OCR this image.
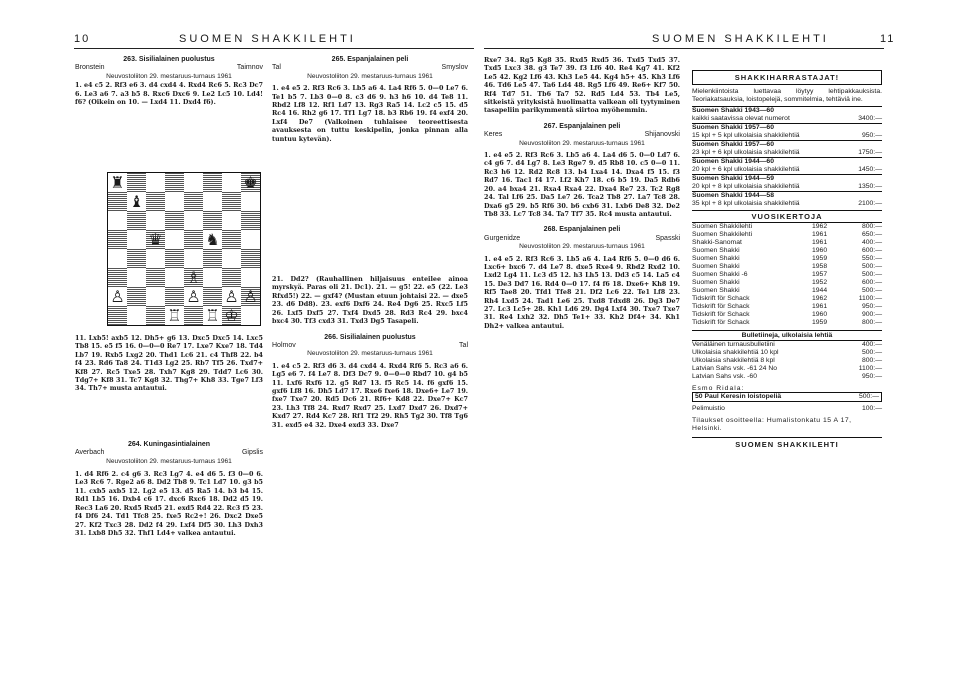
10	SUOMEN SHAKKILEHTI	SUOMEN SHAKKILEHTI	11
263. Sisilialainen puolustus
Bronstein	Taimnov
Neuvostoliiton 29. mestaruus-turnaus 1961

1. e4 c5 2. Rf3 e6 3. d4 cxd4 4. Rxd4 Rc6 5. Rc3 Dc7 6. Le3 a6 7. a3 b5 8. Rxc6 Dxc6 9. Le2 Lc5 10. Ld4! f6? (Oikein on 10. — Lxd4 11. Dxd4 f6).

♜	♚
♝
♛	♞
♗
♙	♙ ♙ ♙
♖ ♖ ♔

11. Lxb5! axb5 12. Dh5+ g6 13. Dxc5 Dxc5 14. Lxc5 Tb8 15. e5 f5 16. 0—0—0 Re7 17. Lxe7 Kxe7 18. Td4 Lb7 19. Rxb5 Lxg2 20. Thd1 Lc6 21. c4 Thf8 22. b4 f4 23. Rd6 Ta8 24. T1d3 Lg2 25. Rb7 Tf5 26. Txd7+ Kf8 27. Rc5 Txe5 28. Txh7 Kg8 29. Tdd7 Lc6 30. Tdg7+ Kf8 31. Tc7 Kg8 32. Thg7+ Kh8 33. Tge7 Lf3 34. Th7+ musta antautui.

264. Kuningasintialainen
Averbach	Gipslis
Neuvostoliiton 29. mestaruus-turnaus 1961

1. d4 Rf6 2. c4 g6 3. Rc3 Lg7 4. e4 d6 5. f3 0—0 6. Le3 Rc6 7. Rge2 a6 8. Dd2 Tb8 9. Tc1 Ld7 10. g3 b5 11. cxb5 axb5 12. Lg2 e5 13. d5 Ra5 14. b3 b4 15. Rd1 Lb5 16. Dxb4 c6 17. dxc6 Rxc6 18. Dd2 d5 19. Rec3 La6 20. Rxd5 Rxd5 21. exd5 Rd4 22. Rc3 f5 23. f4 Df6 24. Td1 Tfc8 25. fxe5 Rc2+! 26. Dxc2 Dxe5 27. Kf2 Txc3 28. Dd2 f4 29. Lxf4 Df5 30. Lh3 Dxh3 31. Lxb8 Dh5 32. Thf1 Ld4+ valkea antautui.

265. Espanjalainen peli
Tal	Smyslov
Neuvostoliiton 29. mestaruus-turnaus 1961

1. e4 e5 2. Rf3 Rc6 3. Lb5 a6 4. La4 Rf6 5. 0—0 Le7 6. Te1 b5 7. Lb3 0—0 8. c3 d6 9. h3 h6 10. d4 Te8 11. Rbd2 Lf8 12. Rf1 Ld7 13. Rg3 Ra5 14. Lc2 c5 15. d5 Rc4 16. Rh2 g6 17. Tf1 Lg7 18. b3 Rb6 19. f4 exf4 20. Lxf4 De7 (Valkoinen tuhlaisee teoreettisesta avauksesta on tuttu keskipelin, jonka pinnan alla tuntuu kytevän).

21. Dd2? (Rauhallinen hiljaisuus enteilee ainoa myrskyä. Paras oli 21. Dc1). 21. — g5! 22. e5 (22. Le3 Rfxd5!) 22. — gxf4? (Mustan etuun johtaisi 22. — dxe5 23. d6 Dd8). 23. exf6 Dxf6 24. Re4 Dg6 25. Rxc5 Lf5 26. Lxf5 Dxf5 27. Txf4 Dxd5 28. Rd3 Rc4 29. bxc4 bxc4 30. Tf3 cxd3 31. Txd3 Dg5 Tasapeli.

266. Sisilialainen puolustus
Holmov	Tal
Neuvostoliiton 29. mestaruus-turnaus 1961

1. e4 c5 2. Rf3 d6 3. d4 cxd4 4. Rxd4 Rf6 5. Rc3 a6 6. Lg5 e6 7. f4 Le7 8. Df3 Dc7 9. 0—0—0 Rbd7 10. g4 b5 11. Lxf6 Rxf6 12. g5 Rd7 13. f5 Rc5 14. f6 gxf6 15. gxf6 Lf8 16. Dh5 Ld7 17. Rxe6 fxe6 18. Dxe6+ Le7 19. fxe7 Txe7 20. Rd5 Dc6 21. Rf6+ Kd8 22. Dxe7+ Kc7 23. Lh3 Tf8 24. Rxd7 Rxd7 25. Lxd7 Dxd7 26. Dxd7+ Kxd7 27. Rd4 Kc7 28. Rf1 Tf2 29. Rh5 Tg2 30. Tf8 Tg6 31. exd5 e4 32. Dxe4 exd3 33. Dxe7

Rxe7 34. Rg5 Kg8 35. Rxd5 Rxd5 36. Txd5 Txd5 37. Txd5 Lxc3 38. g3 Te7 39. f3 Lf6 40. Re4 Kg7 41. Kf2 Le5 42. Kg2 Lf6 43. Kh3 Le5 44. Kg4 h5+ 45. Kh3 Lf6 46. Td6 Le5 47. Ta6 Ld4 48. Rg5 Lf6 49. Re6+ Kf7 50. Rf4 Td7 51. Tb6 Ta7 52. Rd5 Ld4 53. Tb4 Le5, sitkeistä yrityksistä huolimatta valkean oli tyytyminen tasapeliin parikymmentä siirtoa myöhemmin.

267. Espanjalainen peli
Keres	Shijanovski
Neuvostoliiton 29. mestaruus-turnaus 1961

1. e4 e5 2. Rf3 Rc6 3. Lb5 a6 4. La4 d6 5. 0—0 Ld7 6. c4 g6 7. d4 Lg7 8. Le3 Rge7 9. d5 Rb8 10. c5 0—0 11. Rc3 h6 12. Rd2 Rc8 13. b4 Lxa4 14. Dxa4 f5 15. f3 Rd7 16. Tac1 f4 17. Lf2 Kh7 18. c6 b5 19. Da5 Rdb6 20. a4 bxa4 21. Rxa4 Rxa4 22. Dxa4 Re7 23. Tc2 Rg8 24. Tal Lf6 25. Da5 Le7 26. Tca2 Tb8 27. La7 Tc8 28. Dxa6 g5 29. b5 Rf6 30. b6 cxb6 31. Lxb6 De8 32. De2 Tb8 33. Lc7 Tc8 34. Ta7 Tf7 35. Rc4 musta antautui.

268. Espanjalainen peli
Gurgenidze	Spasski
Neuvostoliiton 29. mestaruus-turnaus 1961

1. e4 e5 2. Rf3 Rc6 3. Lb5 a6 4. La4 Rf6 5. 0—0 d6 6. Lxc6+ bxc6 7. d4 Le7 8. dxe5 Rxe4 9. Rbd2 Rxd2 10. Lxd2 Lg4 11. Lc3 d5 12. h3 Lh5 13. Dd3 c5 14. La5 c4 15. De3 Dd7 16. Rd4 0—0 17. f4 f6 18. Dxe6+ Kh8 19. Rf5 Tae8 20. Tfd1 Tfe8 21. Df2 Lc6 22. Te1 Lf8 23. Rh4 Lxd5 24. Tad1 Le6 25. Txd8 Tdxd8 26. Dg3 De7 27. Lc3 Lc5+ 28. Kh1 Ld6 29. Dg4 Lxf4 30. Txe7 Txe7 31. Re4 Lxh2 32. Dh5 Te1+ 33. Kh2 Df4+ 34. Kh1 Dh2+ valkea antautui.

SHAKKIHARRASTAJAT!
Mielenkiintoista luettavaa löytyy lehtipakkauksista. Teoriakatsauksia, loistopelejä, sommitelmia, tehtäviä ine.
Suomen Shakki 1943—60
kaikki saatavissa olevat numerot	3400:—
Suomen Shakki 1957—60
15 kpl + 5 kpl ulkolaisia shakkilehtiä	950:—
Suomen Shakki 1957—60
23 kpl + 6 kpl ulkolaisia shakkilehtiä	1750:—
Suomen Shakki 1944—60
20 kpl + 6 kpl ulkolaisia shakkilehtiä	1450:—
Suomen Shakki 1944—59
20 kpl + 8 kpl ulkolaisia shakkilehtiä	1350:—
Suomen Shakki 1944—58
35 kpl + 8 kpl ulkolaisia shakkilehtiä	2100:—
VUOSIKERTOJA
Suomen Shakkilehti	1962	800:—
Suomen Shakkilehti	1961	650:—
Shakki-Sanomat	1961	400:—
Suomen Shakki	1960	600:—
Suomen Shakki	1959	550:—
Suomen Shakki	1958	500:—
Suomen Shakki -6	1957	500:—
Suomen Shakki	1952	600:—
Suomen Shakki	1944	500:—
Tidskrift för Schack	1962	1100:—
Tidskrift för Schack	1961	950:—
Tidskrift för Schack	1960	900:—
Tidskrift för Schack	1959	800:—
Bulletiineja, ulkolaisia lehtiä
Venäläinen turnausbulletiini	400:—
Ulkolaisia shakkilehtiä 10 kpl	500:—
Ulkolaisia shakkilehtiä 8 kpl	800:—
Latvian Sahs vsk. -61 24 No	1100:—
Latvian Sahs vsk. -60	950:—
Esmo Ridala:
50 Paul Keresin loistopeliä	500:—
Pelimuistio	100:—
Tilaukset osoitteella: Humalistonkatu 15 A 17, Helsinki.
SUOMEN SHAKKILEHTI
